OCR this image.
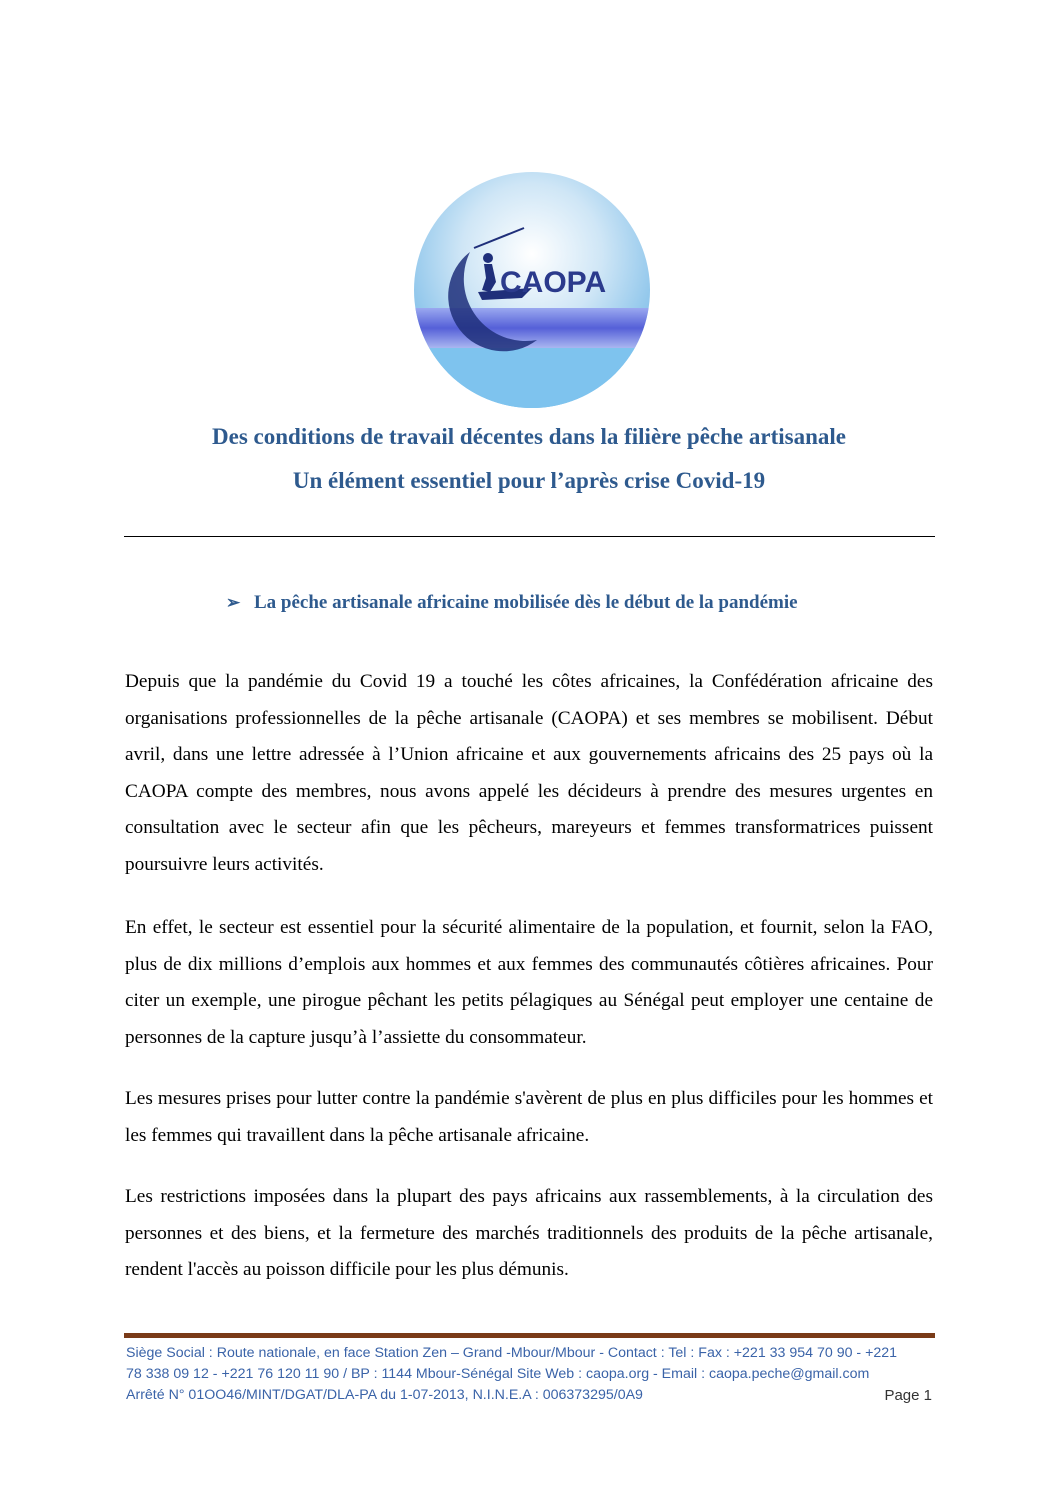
CAOPA
Des conditions de travail décentes dans la filière pêche artisanale
Un élément essentiel pour l’après crise Covid-19
➢ La pêche artisanale africaine mobilisée dès le début de la pandémie
Depuis que la pandémie du Covid 19 a touché les côtes africaines, la Confédération africaine des organisations professionnelles de la pêche artisanale (CAOPA) et ses membres se mobilisent. Début avril, dans une lettre adressée à l’Union africaine et aux gouvernements africains des 25 pays où la CAOPA compte des membres, nous avons appelé les décideurs à prendre des mesures urgentes en consultation avec le secteur afin que les pêcheurs, mareyeurs et femmes transformatrices puissent poursuivre leurs activités.
En effet, le secteur est essentiel pour la sécurité alimentaire de la population, et fournit, selon la FAO, plus de dix millions d’emplois aux hommes et aux femmes des communautés côtières africaines. Pour citer un exemple, une pirogue pêchant les petits pélagiques au Sénégal peut employer une centaine de personnes de la capture jusqu’à l’assiette du consommateur.
Les mesures prises pour lutter contre la pandémie s'avèrent de plus en plus difficiles pour les hommes et les femmes qui travaillent dans la pêche artisanale africaine.
Les restrictions imposées dans la plupart des pays africains aux rassemblements, à la circulation des personnes et des biens, et la fermeture des marchés traditionnels des produits de la pêche artisanale, rendent l'accès au poisson difficile pour les plus démunis.
Siège Social : Route nationale, en face Station Zen – Grand -Mbour/Mbour - Contact : Tel : Fax : +221 33 954 70 90 - +221
78 338 09 12 - +221 76 120 11 90 / BP : 1144 Mbour-Sénégal Site Web : caopa.org - Email : caopa.peche@gmail.com
Arrêté N° 01OO46/MINT/DGAT/DLA-PA du 1-07-2013, N.I.N.E.A : 006373295/0A9	Page 1
